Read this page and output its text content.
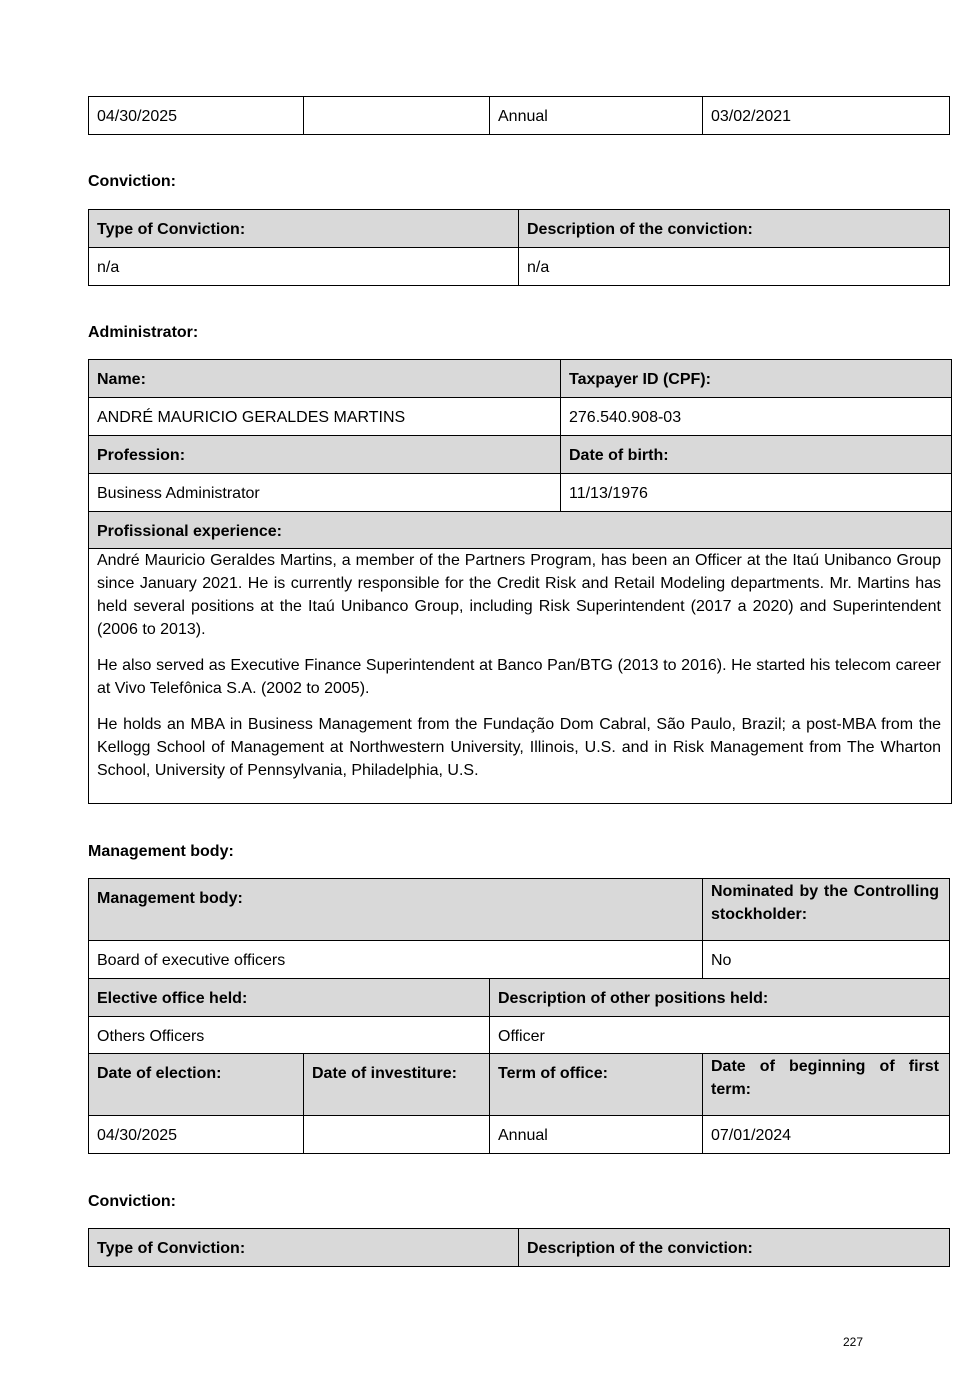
04/30/2025		Annual	03/02/2021
Conviction:
Type of Conviction:	Description of the conviction:
n/a	n/a
Administrator:
Name:	Taxpayer ID (CPF):
ANDRÉ MAURICIO GERALDES MARTINS	276.540.908-03
Profession:	Date of birth:
Business Administrator	11/13/1976
Profissional experience:	

André Mauricio Geraldes Martins, a member of the Partners Program, has been an Officer at the Itaú Unibanco Group since January 2021. He is currently responsible for the Credit Risk and Retail Modeling departments. Mr. Martins has held several positions at the Itaú Unibanco Group, including Risk Superintendent (2017 a 2020) and Superintendent (2006 to 2013).

He also served as Executive Finance Superintendent at Banco Pan/BTG (2013 to 2016). He started his telecom career at Vivo Telefônica S.A. (2002 to 2005).

He holds an MBA in Business Management from the Fundação Dom Cabral, São Paulo, Brazil; a post-MBA from the Kellogg School of Management at Northwestern University, Illinois, U.S. and in Risk Management from The Wharton School, University of Pennsylvania, Philadelphia, U.S.	

Management body:
Management body:			Nominated by the Controlling stockholder:
Board of executive officers			No
Elective office held:		Description of other positions held:	
Others Officers		Officer	
Date of election:	Date of investiture:	Term of office:	Date of beginning of first term:
04/30/2025		Annual	07/01/2024
Conviction:
Type of Conviction:	Description of the conviction:
227
